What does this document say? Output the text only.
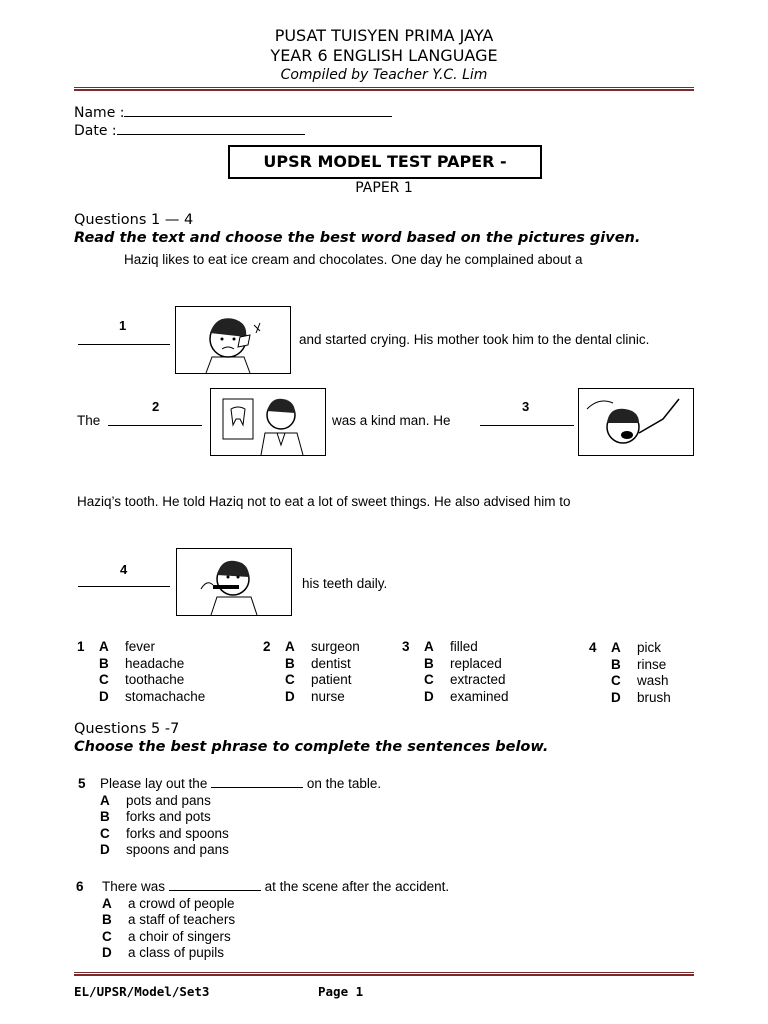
PUSAT TUISYEN PRIMA JAYA
YEAR 6 ENGLISH LANGUAGE
Compiled by Teacher Y.C. Lim
Name :
Date :
UPSR MODEL TEST PAPER -
PAPER 1
Questions 1 — 4
Read the text and choose the best word based on the pictures given.
Haziq likes to eat ice cream and chocolates. One day he complained about a
1
and started crying. His mother took him to the dental clinic.
The
2
was a kind man. He
3
Haziq’s tooth. He told Haziq not to eat a lot of sweet things. He also advised him to
4
his teeth daily.
1 A fever
B headache
C toothache
D stomachache
2 A surgeon
B dentist
C patient
D nurse
3 A filled
B replaced
C extracted
D examined
4 A pick
B rinse
C wash
D brush
Questions 5 -7
Choose the best phrase to complete the sentences below.
5 Please lay out the	on the table.
A pots and pans
B forks and pots
C forks and spoons
D spoons and pans
6 There was	at the scene after the accident.
A a crowd of people
B a staff of teachers
C a choir of singers
D a class of pupils
EL/UPSR/Model/Set3	Page 1
